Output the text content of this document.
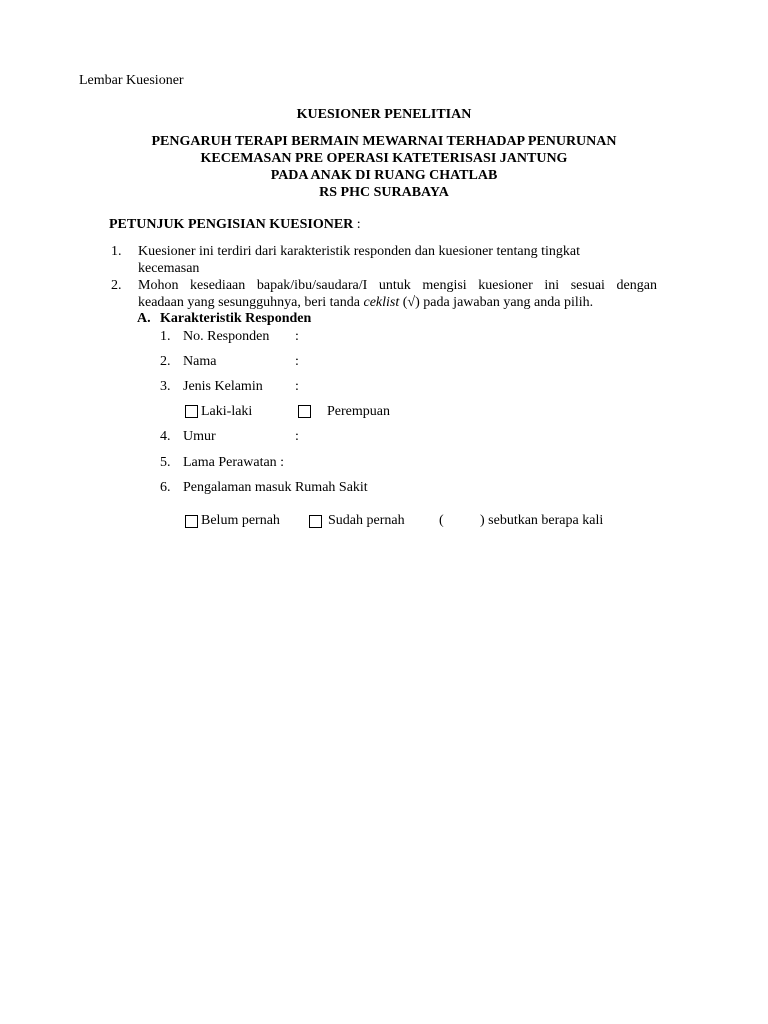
Lembar Kuesioner
KUESIONER PENELITIAN
PENGARUH TERAPI BERMAIN MEWARNAI TERHADAP PENURUNAN
KECEMASAN PRE OPERASI KATETERISASI JANTUNG
PADA ANAK DI RUANG CHATLAB
RS PHC SURABAYA
PETUNJUK PENGISIAN KUESIONER :
1. Kuesioner ini terdiri dari karakteristik responden dan kuesioner tentang tingkat
kecemasan
2. Mohon kesediaan bapak/ibu/saudara/I untuk mengisi kuesioner ini sesuai dengan
keadaan yang sesungguhnya, beri tanda ceklist (√) pada jawaban yang anda pilih.
A. Karakteristik Responden
1. No. Responden :
2. Nama	:
3. Jenis Kelamin :
Laki-laki	Perempuan
4. Umur	:
5. Lama Perawatan :
6. Pengalaman masuk Rumah Sakit
Belum pernah	Sudah pernah (	) sebutkan berapa kali
